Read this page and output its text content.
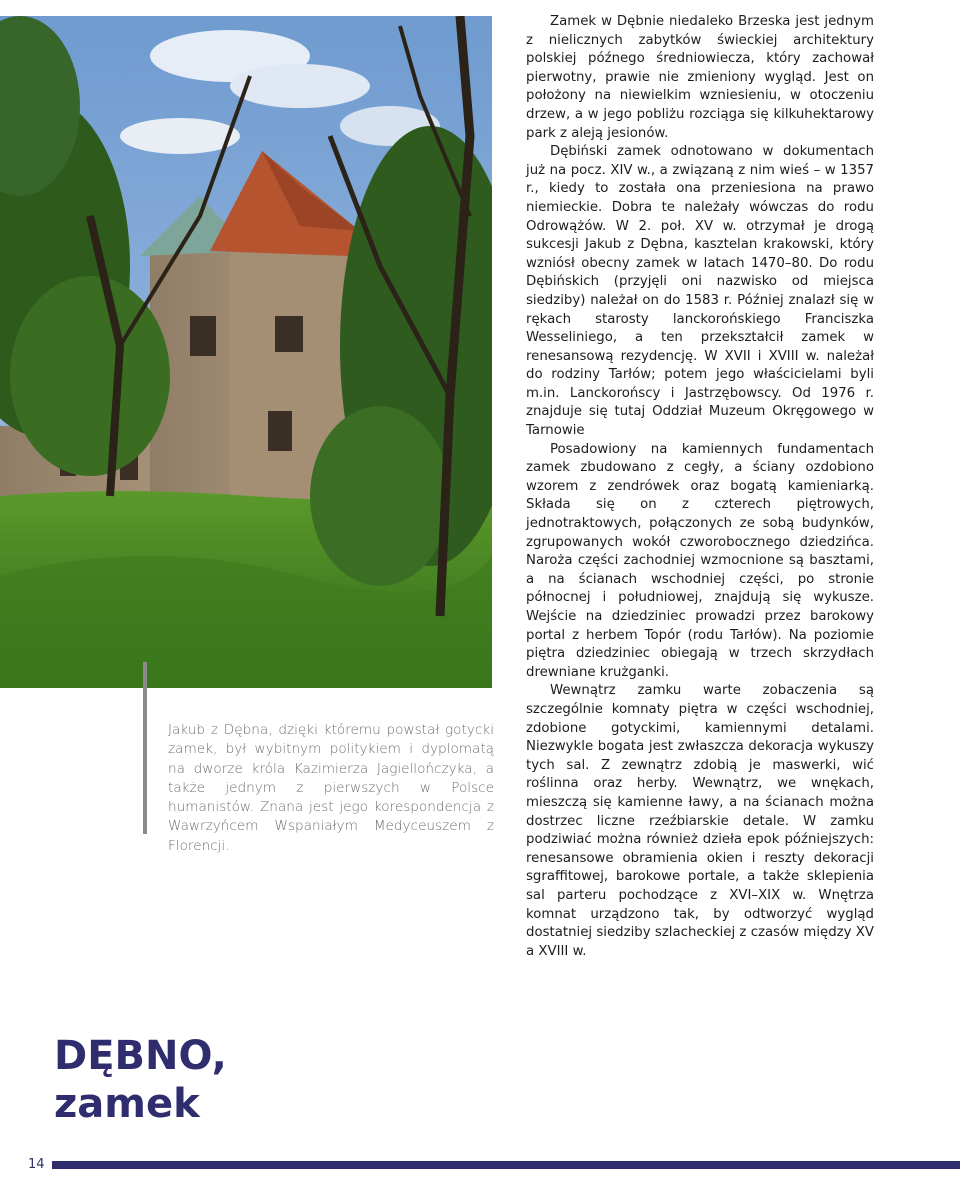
Jakub z Dębna, dzięki któremu powstał gotycki zamek, był wybitnym politykiem i dyplomatą na dworze króla Kazimierza Jagiellończyka, a także jednym z pierwszych w Polsce humanistów. Znana jest jego korespondencja z Wawrzyńcem Wspaniałym Medyceuszem z Florencji.

Zamek w Dębnie niedaleko Brzeska jest jednym z nielicznych zabytków świeckiej architektury polskiej późnego średniowiecza, który zachował pierwotny, prawie nie zmieniony wygląd. Jest on położony na niewielkim wzniesieniu, w otoczeniu drzew, a w jego pobliżu rozciąga się kilkuhektarowy park z aleją jesionów.

Dębiński zamek odnotowano w dokumentach już na pocz. XIV w., a związaną z nim wieś – w 1357 r., kiedy to została ona przeniesiona na prawo niemieckie. Dobra te należały wówczas do rodu Odrowążów. W 2. poł. XV w. otrzymał je drogą sukcesji Jakub z Dębna, kasztelan krakowski, który wzniósł obecny zamek w latach 1470–80. Do rodu Dębińskich (przyjęli oni nazwisko od miejsca siedziby) należał on do 1583 r. Później znalazł się w rękach starosty lanckorońskiego Franciszka Wesseliniego, a ten przekształcił zamek w renesansową rezydencję. W XVII i XVIII w. należał do rodziny Tarłów; potem jego właścicielami byli m.in. Lanckorońscy i Jastrzębowscy. Od 1976 r. znajduje się tutaj Oddział Muzeum Okręgowego w Tarnowie

Posadowiony na kamiennych fundamentach zamek zbudowano z cegły, a ściany ozdobiono wzorem z zendrówek oraz bogatą kamieniarką. Składa się on z czterech piętrowych, jednotraktowych, połączonych ze sobą budynków, zgrupowanych wokół czworobocznego dziedzińca. Naroża części zachodniej wzmocnione są basztami, a na ścianach wschodniej części, po stronie północnej i południowej, znajdują się wykusze. Wejście na dziedziniec prowadzi przez barokowy portal z herbem Topór (rodu Tarłów). Na poziomie piętra dziedziniec obiegają w trzech skrzydłach drewniane krużganki.

Wewnątrz zamku warte zobaczenia są szczególnie komnaty piętra w części wschodniej, zdobione gotyckimi, kamiennymi detalami. Niezwykle bogata jest zwłaszcza dekoracja wykuszy tych sal. Z zewnątrz zdobią je maswerki, wić roślinna oraz herby. Wewnątrz, we wnękach, mieszczą się kamienne ławy, a na ścianach można dostrzec liczne rzeźbiarskie detale. W zamku podziwiać można również dzieła epok późniejszych: renesansowe obramienia okien i reszty dekoracji sgraffitowej, barokowe portale, a także sklepienia sal parteru pochodzące z XVI–XIX w. Wnętrza komnat urządzono tak, by odtworzyć wygląd dostatniej siedziby szlacheckiej z czasów między XV a XVIII w.

DĘBNO,
zamek
14
